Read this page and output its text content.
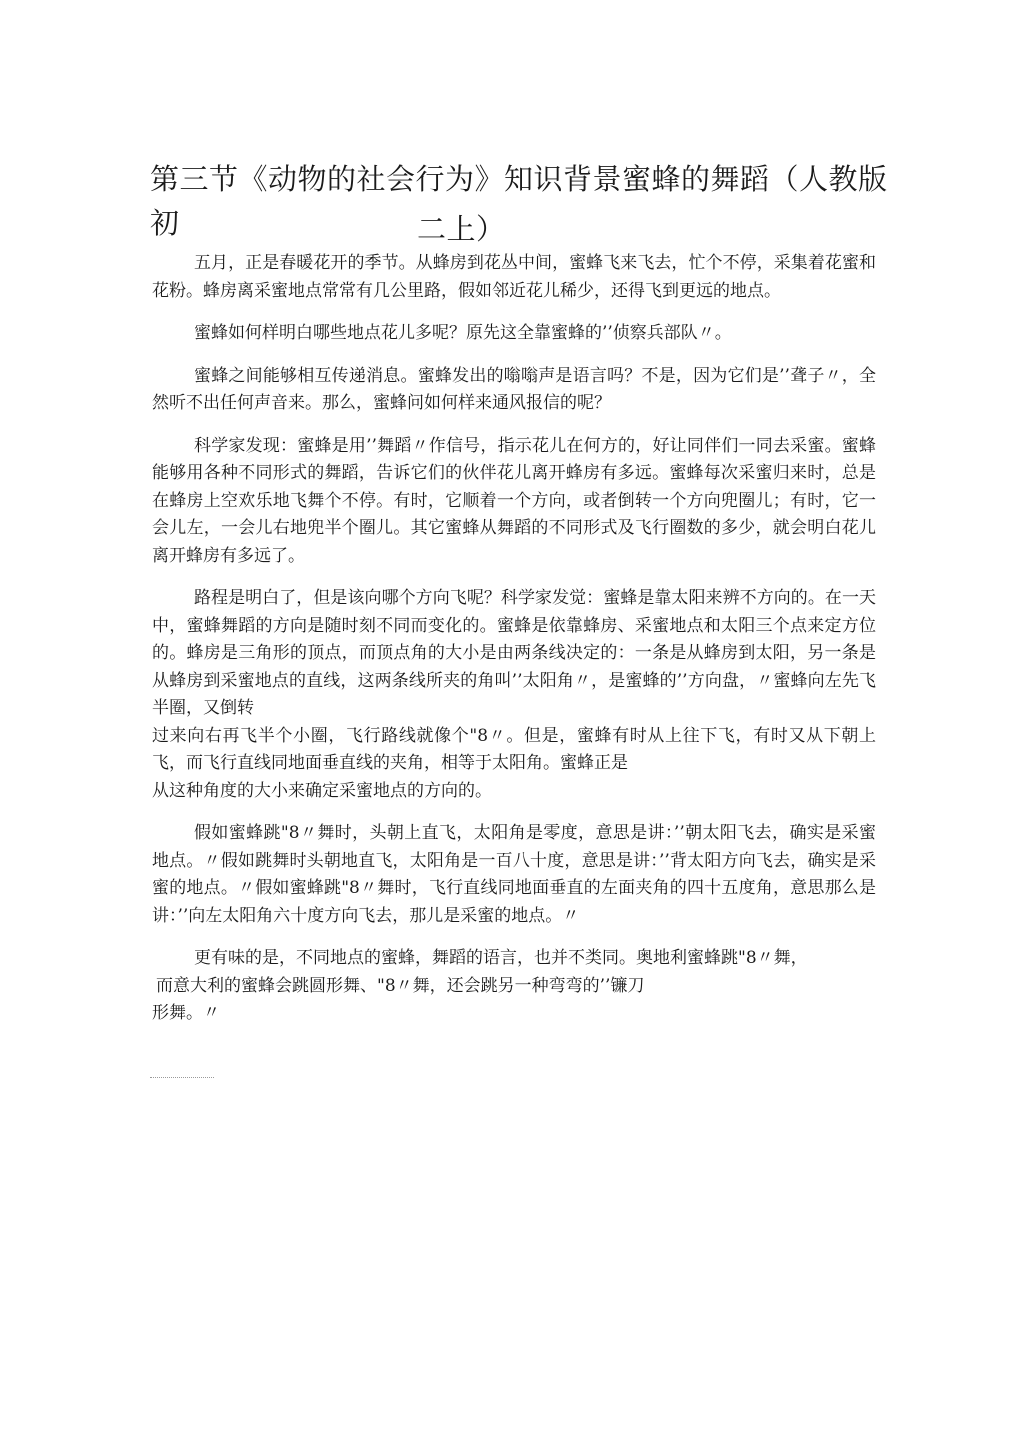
第三节《动物的社会行为》知识背景蜜蜂的舞蹈（人教版初	二上）

五月，正是春暖花开的季节。从蜂房到花丛中间，蜜蜂飞来飞去，忙个不停，采集着花蜜和花粉。蜂房离采蜜地点常常有几公里路，假如邻近花儿稀少，还得飞到更远的地点。

蜜蜂如何样明白哪些地点花儿多呢？原先这全靠蜜蜂的’’侦察兵部队〃。

蜜蜂之间能够相互传递消息。蜜蜂发出的嗡嗡声是语言吗？不是，因为它们是’’聋子〃，全然听不出任何声音来。那么，蜜蜂问如何样来通风报信的呢？

科学家发现：蜜蜂是用’’舞蹈〃作信号，指示花儿在何方的，好让同伴们一同去采蜜。蜜蜂能够用各种不同形式的舞蹈，告诉它们的伙伴花儿离开蜂房有多远。蜜蜂每次采蜜归来时，总是在蜂房上空欢乐地飞舞个不停。有时，它顺着一个方向，或者倒转一个方向兜圈儿；有时，它一会儿左，一会儿右地兜半个圈儿。其它蜜蜂从舞蹈的不同形式及飞行圈数的多少，就会明白花儿离开蜂房有多远了。

路程是明白了，但是该向哪个方向飞呢？科学家发觉：蜜蜂是靠太阳来辨不方向的。在一天中，蜜蜂舞蹈的方向是随时刻不同而变化的。蜜蜂是依靠蜂房、采蜜地点和太阳三个点来定方位的。蜂房是三角形的顶点，而顶点角的大小是由两条线决定的：一条是从蜂房到太阳，另一条是从蜂房到采蜜地点的直线，这两条线所夹的角叫’’太阳角〃，是蜜蜂的’’方向盘，〃蜜蜂向左先飞半圈，又倒转

过来向右再飞半个小圈，飞行路线就像个"8〃。但是，蜜蜂有时从上往下飞，有时又从下朝上飞，而飞行直线同地面垂直线的夹角，相等于太阳角。蜜蜂正是

从这种角度的大小来确定采蜜地点的方向的。

假如蜜蜂跳"8〃舞时，头朝上直飞，太阳角是零度，意思是讲：’’朝太阳飞去，确实是采蜜地点。〃假如跳舞时头朝地直飞，太阳角是一百八十度，意思是讲：’’背太阳方向飞去，确实是采蜜的地点。〃假如蜜蜂跳"8〃舞时，飞行直线同地面垂直的左面夹角的四十五度角，意思那么是讲：’’向左太阳角六十度方向飞去，那儿是采蜜的地点。〃

更有味的是，不同地点的蜜蜂，舞蹈的语言，也并不类同。奥地利蜜蜂跳"8〃舞，

而意大利的蜜蜂会跳圆形舞、"8〃舞，还会跳另一种弯弯的’’镰刀

形舞。〃
